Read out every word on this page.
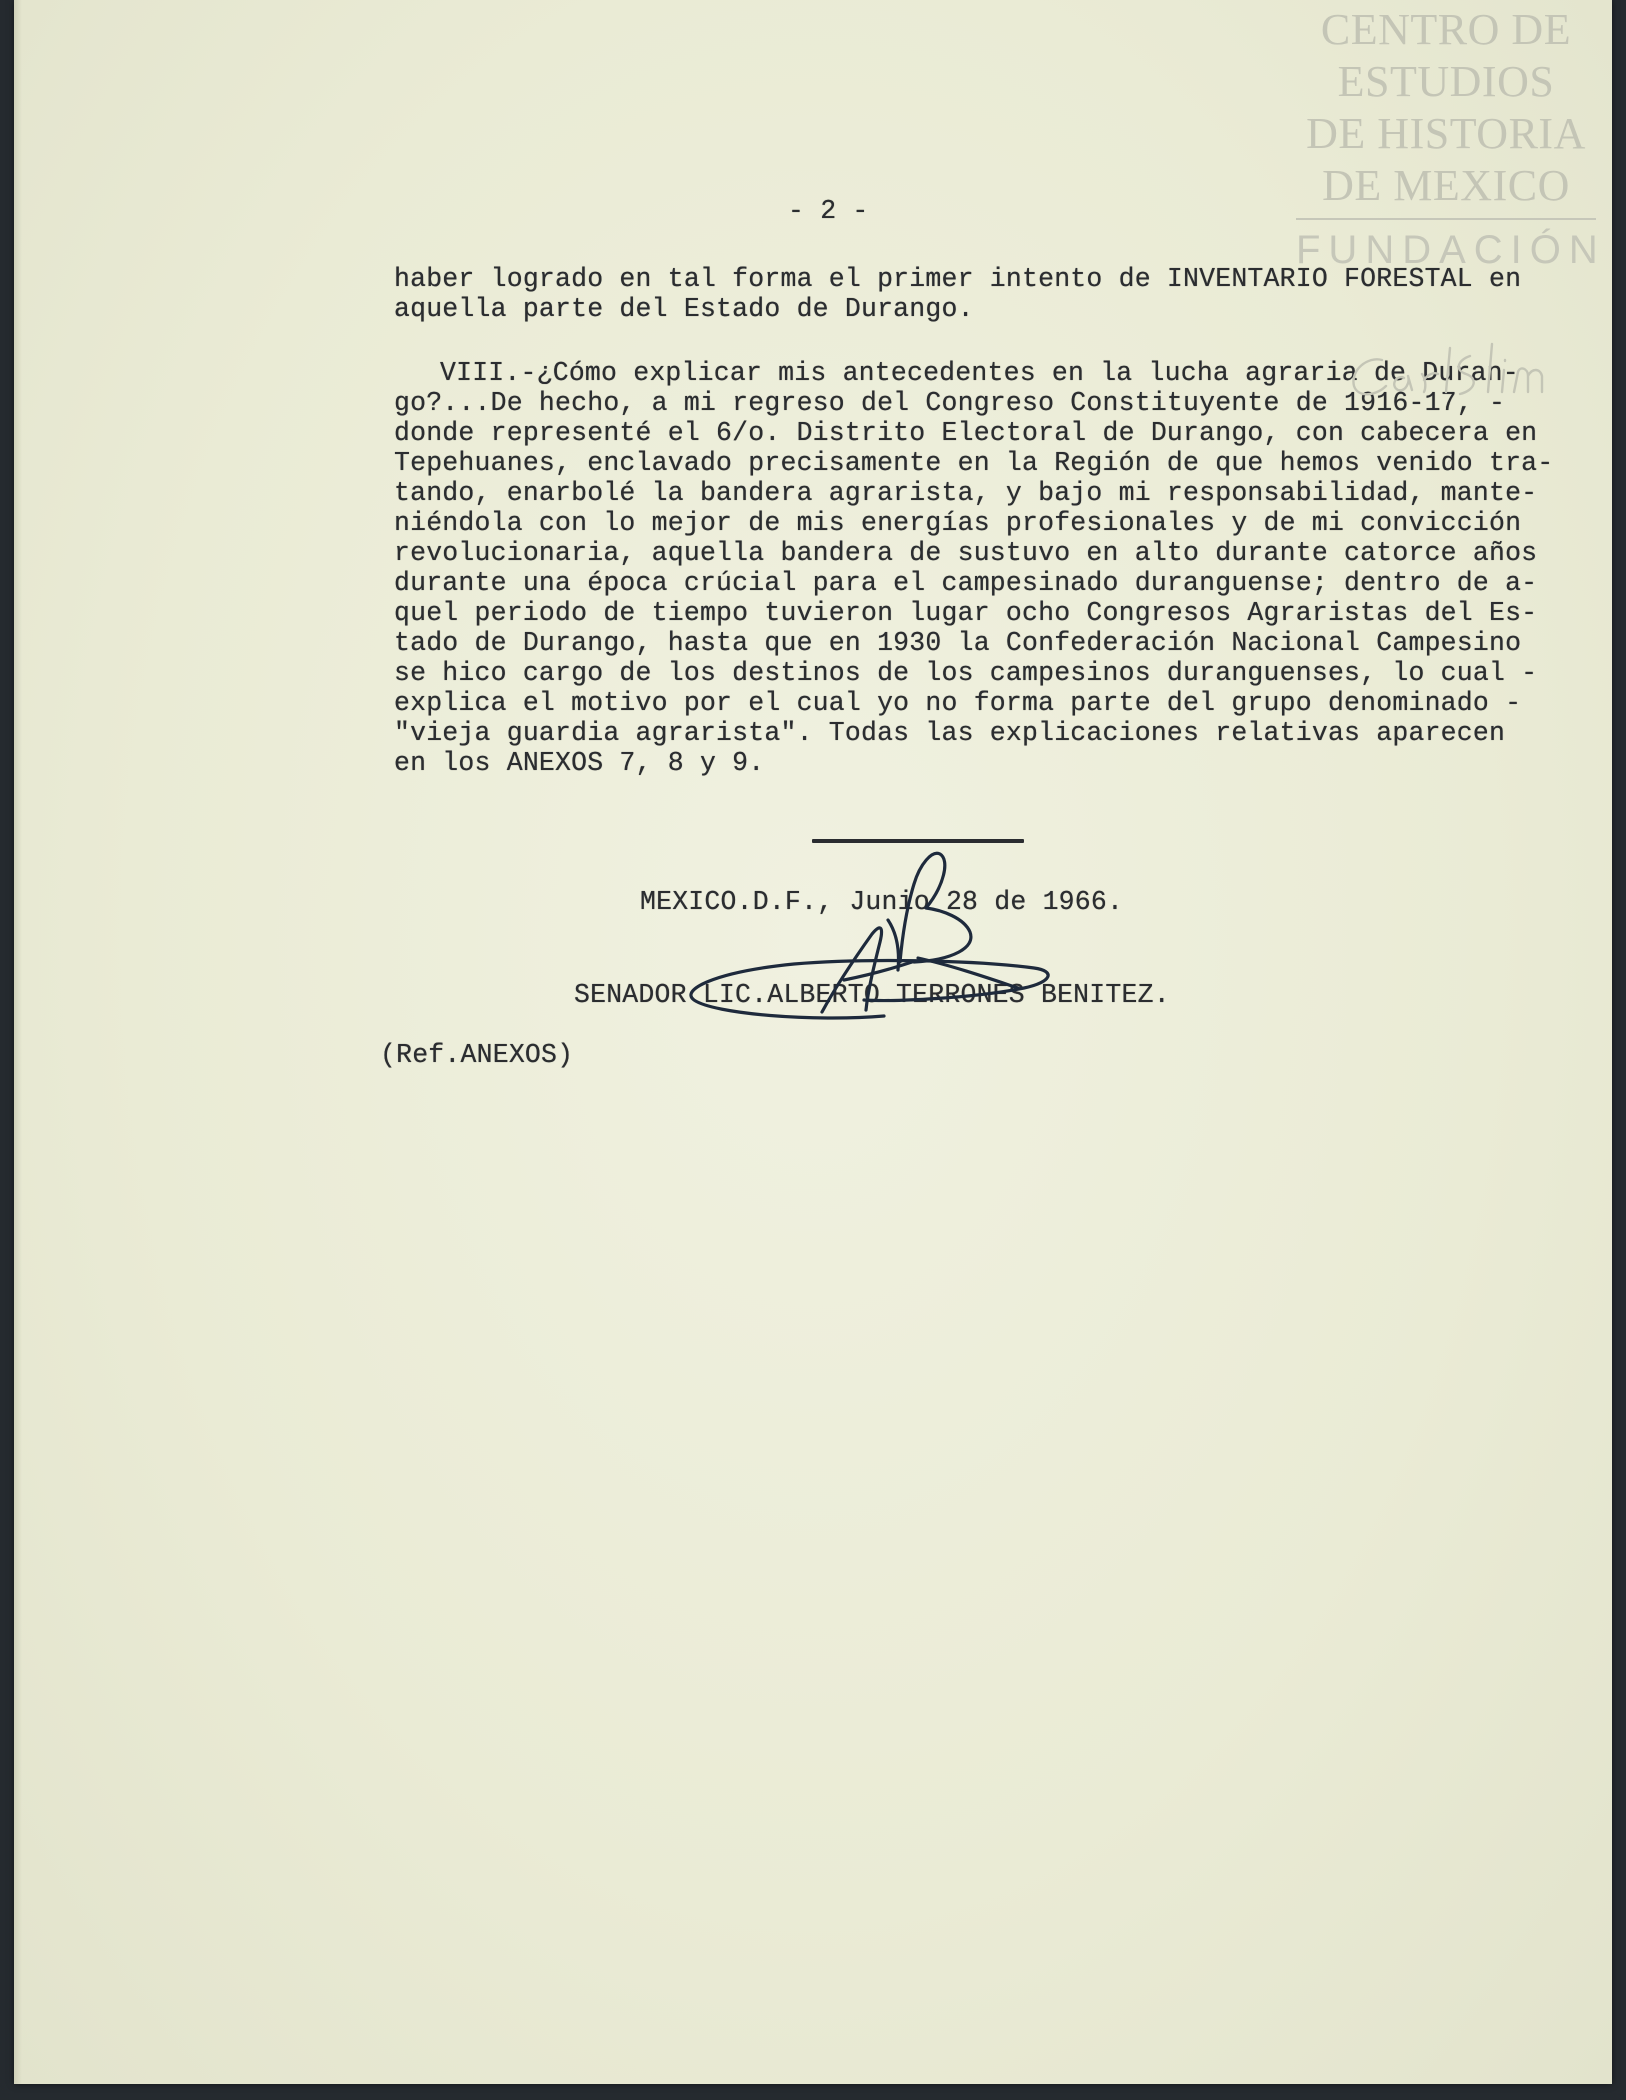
- 2 -
haber logrado en tal forma el primer intento de INVENTARIO FORESTAL en
aquella parte del Estado de Durango.
VIII.-¿Cómo explicar mis antecedentes en la lucha agraria de Duran-
go?...De hecho, a mi regreso del Congreso Constituyente de 1916-17, -
donde representé el 6/o. Distrito Electoral de Durango, con cabecera en
Tepehuanes, enclavado precisamente en la Región de que hemos venido tra-
tando, enarbolé la bandera agrarista, y bajo mi responsabilidad, mante-
niéndola con lo mejor de mis energías profesionales y de mi convicción
revolucionaria, aquella bandera de sustuvo en alto durante catorce años
durante una época crúcial para el campesinado duranguense; dentro de a-
quel periodo de tiempo tuvieron lugar ocho Congresos Agraristas del Es-
tado de Durango, hasta que en 1930 la Confederación Nacional Campesino
se hico cargo de los destinos de los campesinos duranguenses, lo cual -
explica el motivo por el cual yo no forma parte del grupo denominado -
"vieja guardia agrarista". Todas las explicaciones relativas aparecen
en los ANEXOS 7, 8 y 9.
MEXICO.D.F., Junio 28 de 1966.
SENADOR LIC.ALBERTO TERRONES BENITEZ.
(Ref.ANEXOS)
CENTRO DE
ESTUDIOS
DE HISTORIA
DE MEXICO
FUNDACIÓN
